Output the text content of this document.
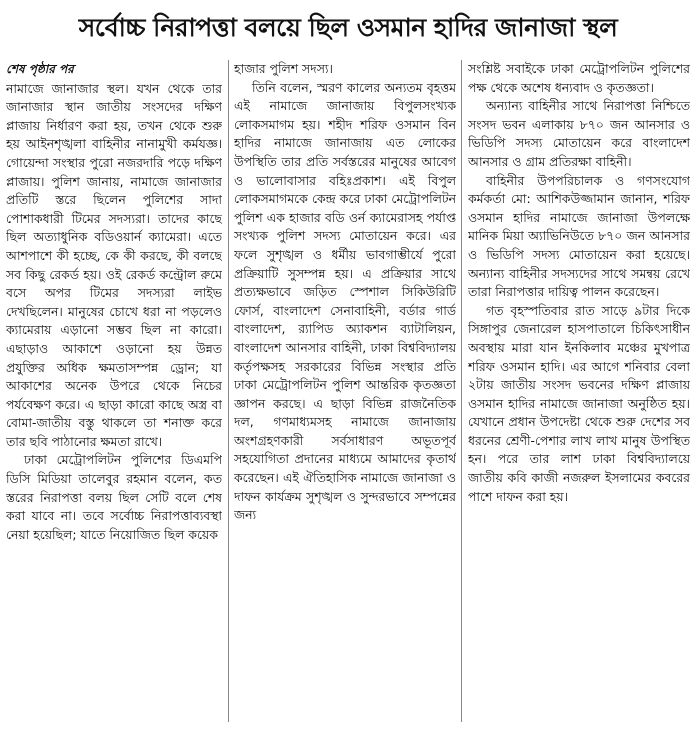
সর্বোচ্চ নিরাপত্তা বলয়ে ছিল ওসমান হাদির জানাজা স্থল
শেষ পৃষ্ঠার পর

নামাজে জানাজার স্থল। যখন থেকে তার জানাজার স্থান জাতীয় সংসদের দক্ষিণ প্লাজায় নির্ধারণ করা হয়, তখন থেকে শুরু হয় আইনশৃঙ্খলা বাহিনীর নানামুখী কর্মযজ্ঞ। গোয়েন্দা সংস্থার পুরো নজরদারি পড়ে দক্ষিণ প্লাজায়। পুলিশ জানায়, নামাজে জানাজার প্রতিটি স্তরে ছিলেন পুলিশের সাদা পোশাকধারী টিমের সদস্যরা। তাদের কাছে ছিল অত্যাধুনিক বডিওয়ার্ন ক্যামেরা। এতে আশপাশে কী হচ্ছে, কে কী করছে, কী বলছে সব কিছু রেকর্ড হয়। ওই রেকর্ড কন্ট্রোল রুমে বসে অপর টিমের সদস্যরা লাইভ দেখছিলেন। মানুষের চোখে ধরা না পড়লেও ক্যামেরায় এড়ানো সম্ভব ছিল না কারো। এছাড়াও আকাশে ওড়ানো হয় উন্নত প্রযুক্তির অধিক ক্ষমতাসম্পন্ন ড্রোন; যা আকাশের অনেক উপরে থেকে নিচের পর্যবেক্ষণ করে। এ ছাড়া কারো কাছে অস্ত্র বা বোমা-জাতীয় বস্তু থাকলে তা শনাক্ত করে তার ছবি পাঠানোর ক্ষমতা রাখে।

ঢাকা মেট্রোপলিটন পুলিশের ডিএমপি ডিসি মিডিয়া তালেবুর রহমান বলেন, কত স্তরের নিরাপত্তা বলয় ছিল সেটি বলে শেষ করা যাবে না। তবে সর্বোচ্চ নিরাপত্তাব্যবস্থা নেয়া হয়েছিল; যাতে নিয়োজিত ছিল কয়েক

হাজার পুলিশ সদস্য।

তিনি বলেন, স্মরণ কালের অন্যতম বৃহত্তম এই নামাজে জানাজায় বিপুলসংখ্যক লোকসমাগম হয়। শহীদ শরিফ ওসমান বিন হাদির নামাজে জানাজায় এত লোকের উপস্থিতি তার প্রতি সর্বস্তরের মানুষের আবেগ ও ভালোবাসার বহিঃপ্রকাশ। এই বিপুল লোকসমাগমকে কেন্দ্র করে ঢাকা মেট্রোপলিটন পুলিশ এক হাজার বডি ওর্ন ক্যামেরাসহ পর্যাপ্ত সংখ্যক পুলিশ সদস্য মোতায়েন করে। এর ফলে সুশৃঙ্খল ও ধর্মীয় ভাবগাম্ভীর্যে পুরো প্রক্রিয়াটি সুসম্পন্ন হয়। এ প্রক্রিয়ার সাথে প্রত্যক্ষভাবে জড়িত স্পেশাল সিকিউরিটি ফোর্স, বাংলাদেশ সেনাবাহিনী, বর্ডার গার্ড বাংলাদেশ, র‍্যাপিড অ্যাকশন ব্যাটালিয়ন, বাংলাদেশ আনসার বাহিনী, ঢাকা বিশ্ববিদ্যালয় কর্তৃপক্ষসহ সরকারের বিভিন্ন সংস্থার প্রতি ঢাকা মেট্রোপলিটন পুলিশ আন্তরিক কৃতজ্ঞতা জ্ঞাপন করছে। এ ছাড়া বিভিন্ন রাজনৈতিক দল, গণমাধ্যমসহ নামাজে জানাজায় অংশগ্রহণকারী সর্বসাধারণ অভূতপূর্ব সহযোগিতা প্রদানের মাধ্যমে আমাদের কৃতার্থ করেছেন। এই ঐতিহাসিক নামাজে জানাজা ও দাফন কার্যক্রম সুশৃঙ্খল ও সুন্দরভাবে সম্পন্নের জন্য

সংশ্লিষ্ট সবাইকে ঢাকা মেট্রোপলিটন পুলিশের পক্ষ থেকে অশেষ ধন্যবাদ ও কৃতজ্ঞতা।

অন্যান্য বাহিনীর সাথে নিরাপত্তা নিশ্চিতে সংসদ ভবন এলাকায় ৮৭০ জন আনসার ও ভিডিপি সদস্য মোতায়েন করে বাংলাদেশ আনসার ও গ্রাম প্রতিরক্ষা বাহিনী।

বাহিনীর উপপরিচালক ও গণসংযোগ কর্মকর্তা মো: আশিকউজ্জামান জানান, শরিফ ওসমান হাদির নামাজে জানাজা উপলক্ষে মানিক মিয়া অ্যাভিনিউতে ৮৭০ জন আনসার ও ভিডিপি সদস্য মোতায়েন করা হয়েছে। অন্যান্য বাহিনীর সদস্যদের সাথে সমন্বয় রেখে তারা নিরাপত্তার দায়িত্ব পালন করেছেন।

গত বৃহস্পতিবার রাত সাড়ে ৯টার দিকে সিঙ্গাপুর জেনারেল হাসপাতালে চিকিৎসাধীন অবস্থায় মারা যান ইনকিলাব মঞ্চের মুখপাত্র শরিফ ওসমান হাদি। এর আগে শনিবার বেলা ২টায় জাতীয় সংসদ ভবনের দক্ষিণ প্লাজায় ওসমান হাদির নামাজে জানাজা অনুষ্ঠিত হয়। যেখানে প্রধান উপদেষ্টা থেকে শুরু দেশের সব ধরনের শ্রেণী-পেশার লাখ লাখ মানুষ উপস্থিত হন। পরে তার লাশ ঢাকা বিশ্ববিদ্যালয়ে জাতীয় কবি কাজী নজরুল ইসলামের কবরের পাশে দাফন করা হয়।
